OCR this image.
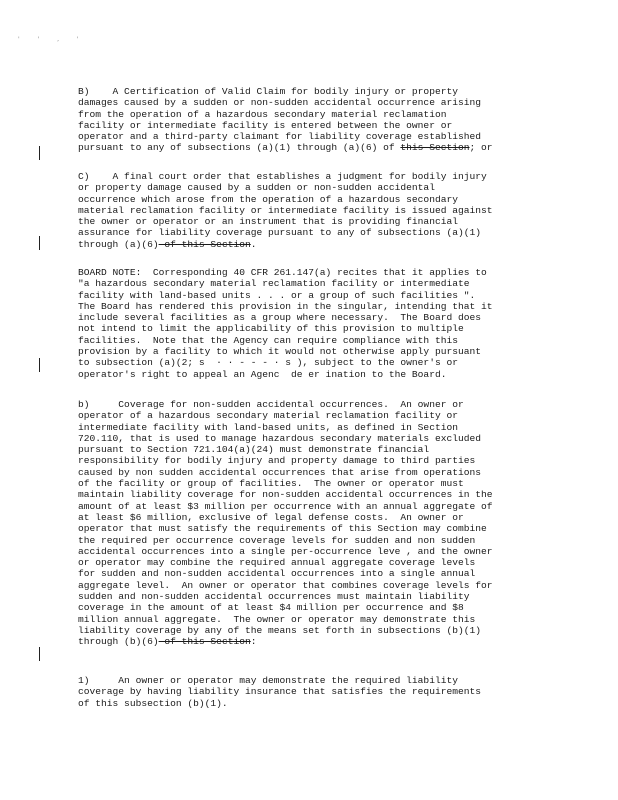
' ' , '

B)    A Certification of Valid Claim for bodily injury or property
damages caused by a sudden or non-sudden accidental occurrence arising
from the operation of a hazardous secondary material reclamation
facility or intermediate facility is entered between the owner or
operator and a third-party claimant for liability coverage established
pursuant to any of subsections (a)(1) through (a)(6) of this Section; or

C)    A final court order that establishes a judgment for bodily injury
or property damage caused by a sudden or non-sudden accidental
occurrence which arose from the operation of a hazardous secondary
material reclamation facility or intermediate facility is issued against
the owner or operator or an instrument that is providing financial
assurance for liability coverage pursuant to any of subsections (a)(1)
through (a)(6) of this Section.

BOARD NOTE:  Corresponding 40 CFR 261.147(a) recites that it applies to
"a hazardous secondary material reclamation facility or intermediate
facility with land-based units . . . or a group of such facilities ".
The Board has rendered this provision in the singular, intending that it
include several facilities as a group where necessary.  The Board does
not intend to limit the applicability of this provision to multiple
facilities.  Note that the Agency can require compliance with this
provision by a facility to which it would not otherwise apply pursuant
to subsection (a)(2; s  · · - - - · s ), subject to the owner's or
operator's right to appeal an Agenc  de er ination to the Board.

b)     Coverage for non-sudden accidental occurrences.  An owner or
operator of a hazardous secondary material reclamation facility or
intermediate facility with land-based units, as defined in Section
720.110, that is used to manage hazardous secondary materials excluded
pursuant to Section 721.104(a)(24) must demonstrate financial
responsibility for bodily injury and property damage to third parties
caused by non sudden accidental occurrences that arise from operations
of the facility or group of facilities.  The owner or operator must
maintain liability coverage for non-sudden accidental occurrences in the
amount of at least $3 million per occurrence with an annual aggregate of
at least $6 million, exclusive of legal defense costs.  An owner or
operator that must satisfy the requirements of this Section may combine
the required per occurrence coverage levels for sudden and non sudden
accidental occurrences into a single per-occurrence leve , and the owner
or operator may combine the required annual aggregate coverage levels
for sudden and non-sudden accidental occurrences into a single annual
aggregate level.  An owner or operator that combines coverage levels for
sudden and non-sudden accidental occurrences must maintain liability
coverage in the amount of at least $4 million per occurrence and $8
million annual aggregate.  The owner or operator may demonstrate this
liability coverage by any of the means set forth in subsections (b)(1)
through (b)(6) of this Section:

1)     An owner or operator may demonstrate the required liability
coverage by having liability insurance that satisfies the requirements
of this subsection (b)(1).
